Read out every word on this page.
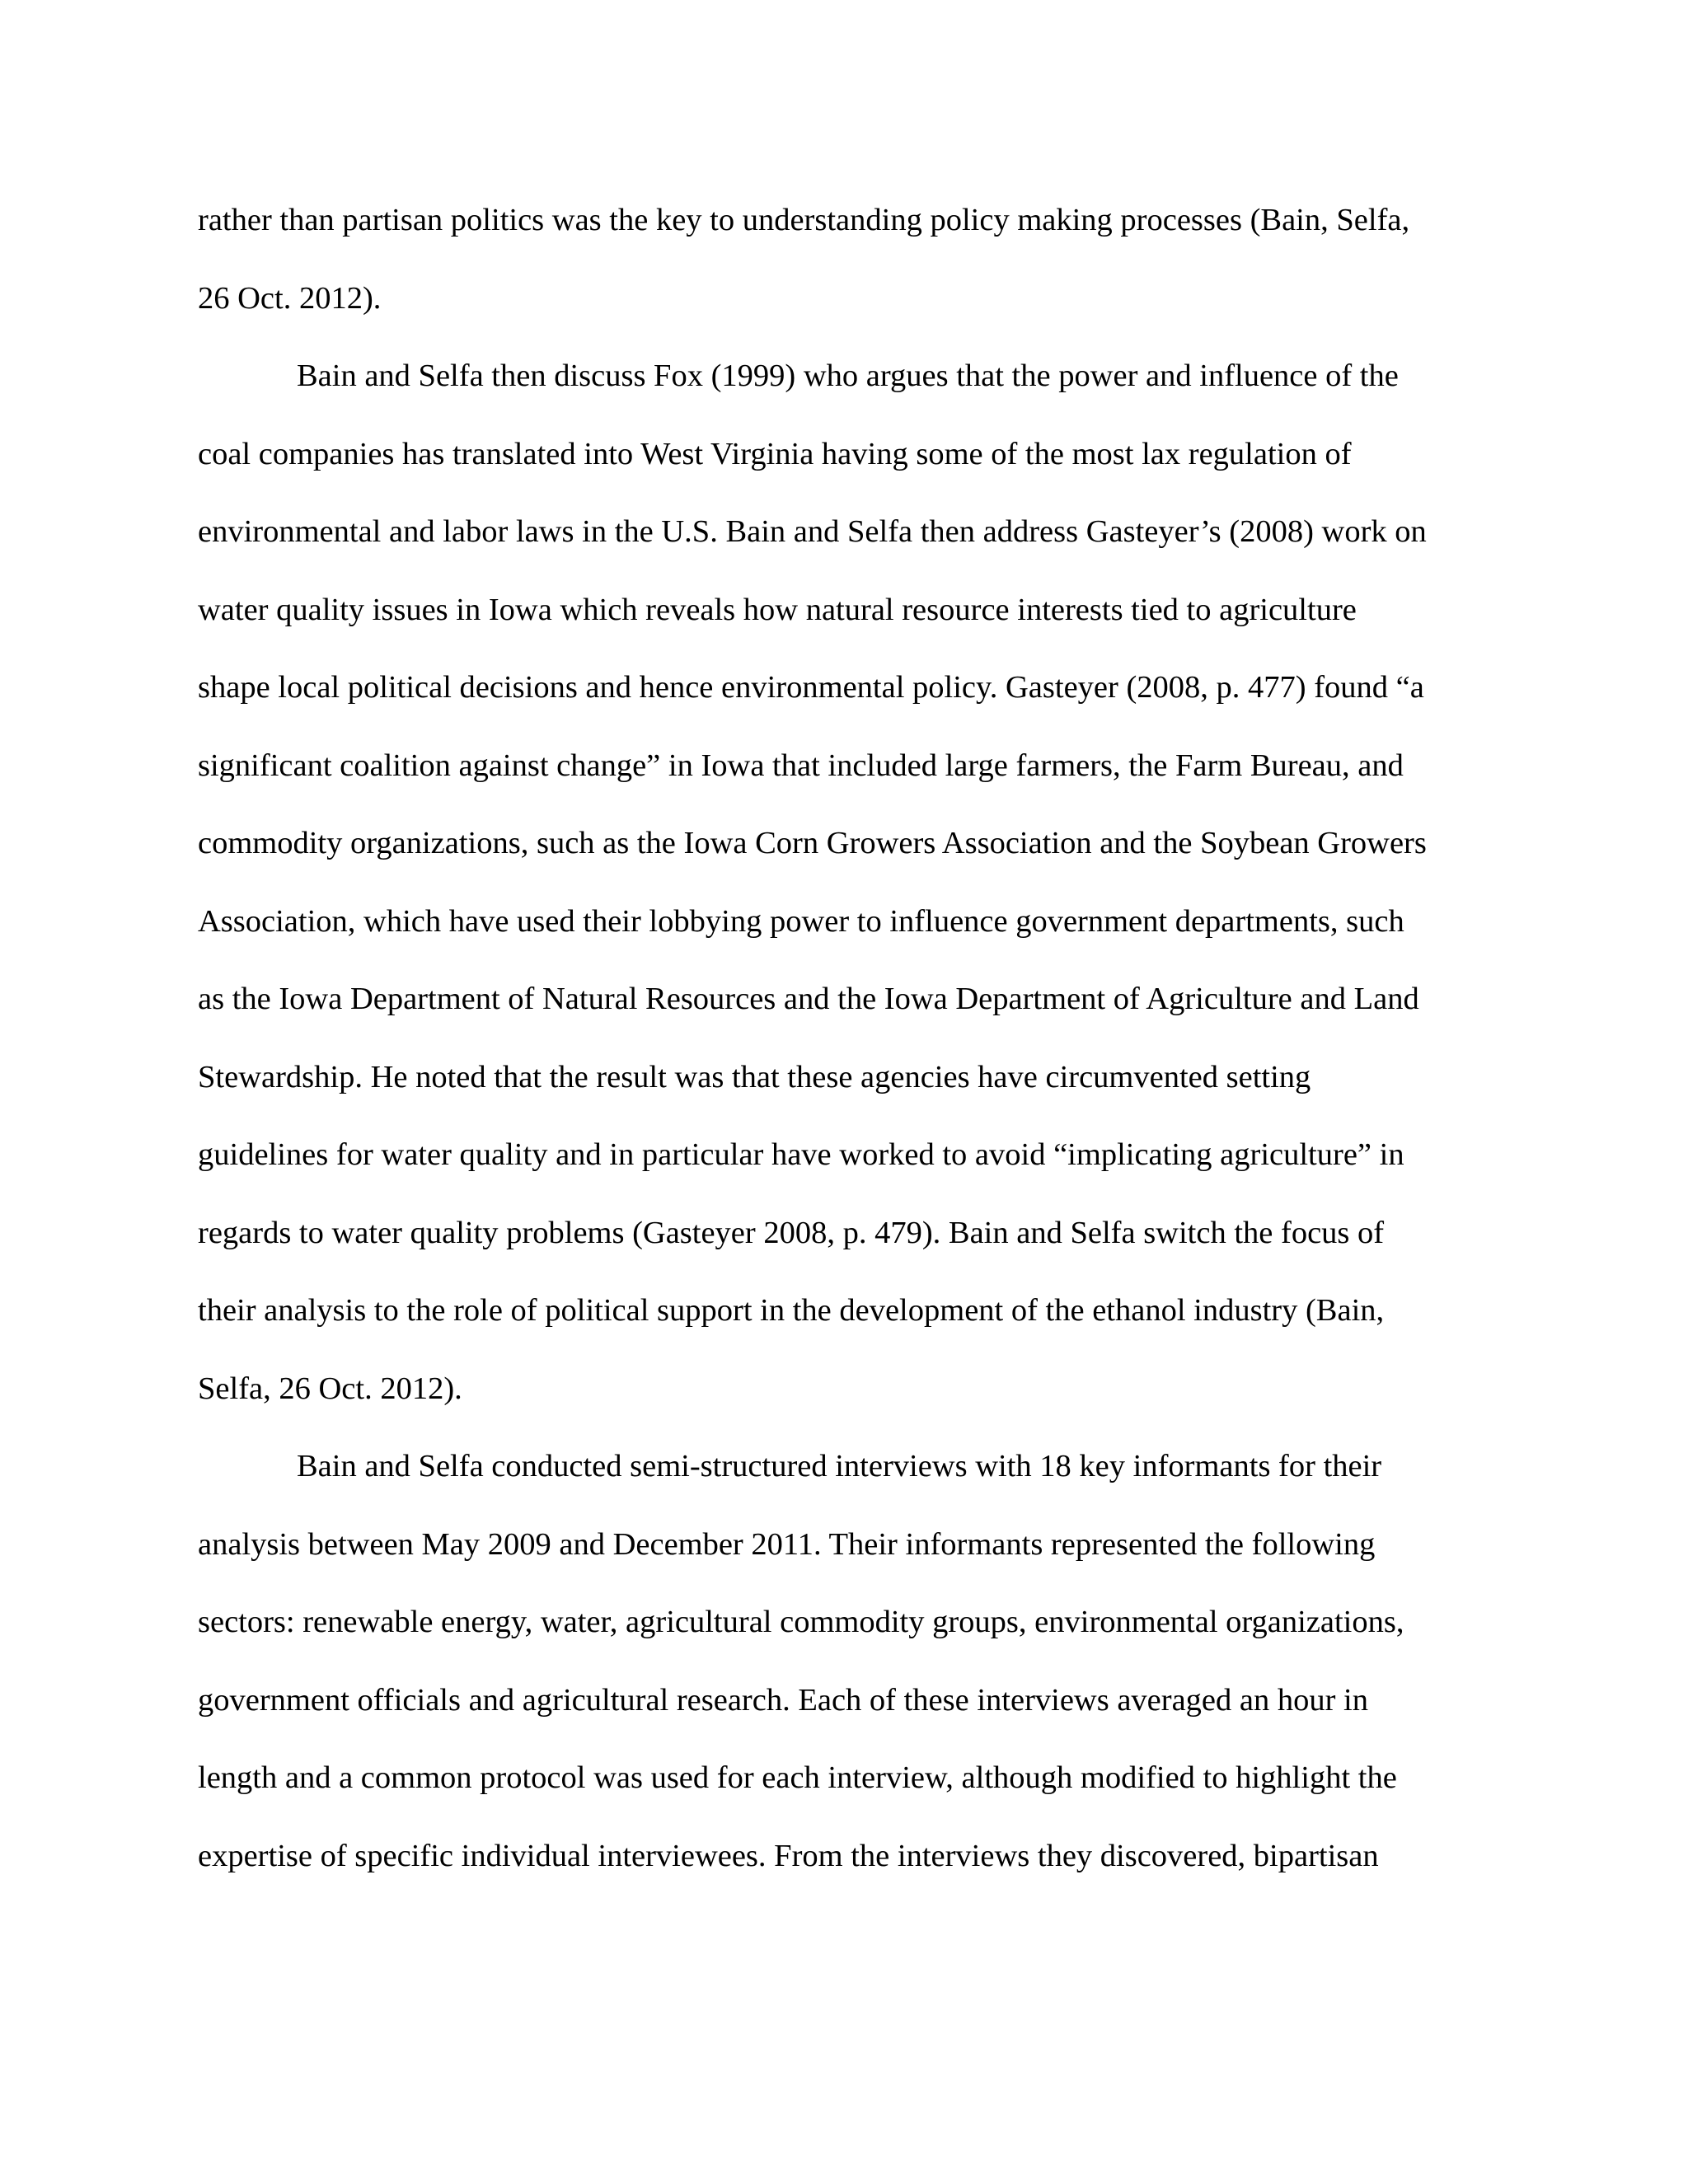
rather than partisan politics was the key to understanding policy making processes (Bain, Selfa,

26 Oct. 2012).

Bain and Selfa then discuss Fox (1999) who argues that the power and influence of the

coal companies has translated into West Virginia having some of the most lax regulation of

environmental and labor laws in the U.S. Bain and Selfa then address Gasteyer’s (2008) work on

water quality issues in Iowa which reveals how natural resource interests tied to agriculture

shape local political decisions and hence environmental policy. Gasteyer (2008, p. 477) found “a

significant coalition against change” in Iowa that included large farmers, the Farm Bureau, and

commodity organizations, such as the Iowa Corn Growers Association and the Soybean Growers

Association, which have used their lobbying power to influence government departments, such

as the Iowa Department of Natural Resources and the Iowa Department of Agriculture and Land

Stewardship. He noted that the result was that these agencies have circumvented setting

guidelines for water quality and in particular have worked to avoid “implicating agriculture” in

regards to water quality problems (Gasteyer 2008, p. 479). Bain and Selfa switch the focus of

their analysis to the role of political support in the development of the ethanol industry (Bain,

Selfa, 26 Oct. 2012).

Bain and Selfa conducted semi-structured interviews with 18 key informants for their

analysis between May 2009 and December 2011. Their informants represented the following

sectors: renewable energy, water, agricultural commodity groups, environmental organizations,

government officials and agricultural research. Each of these interviews averaged an hour in

length and a common protocol was used for each interview, although modified to highlight the

expertise of specific individual interviewees. From the interviews they discovered, bipartisan
